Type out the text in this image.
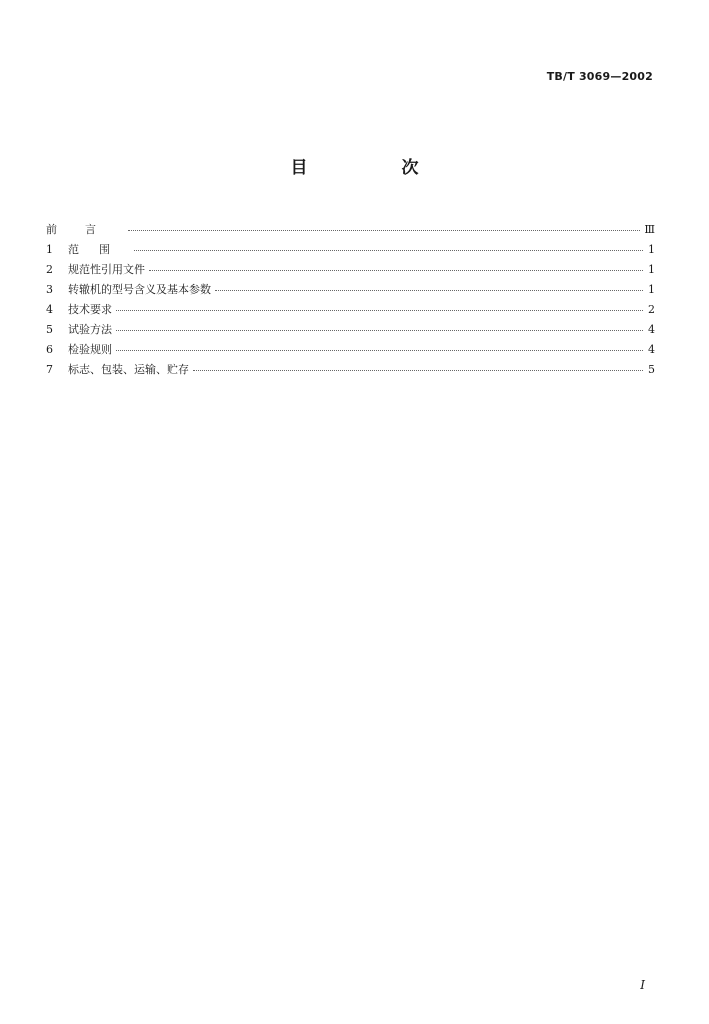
TB/T 3069—2002
目 次
前言	Ⅲ
1	范围	1
2	规范性引用文件	1
3	转辙机的型号含义及基本参数	1
4	技术要求	2
5	试验方法	4
6	检验规则	4
7	标志、包装、运输、贮存	5
I
